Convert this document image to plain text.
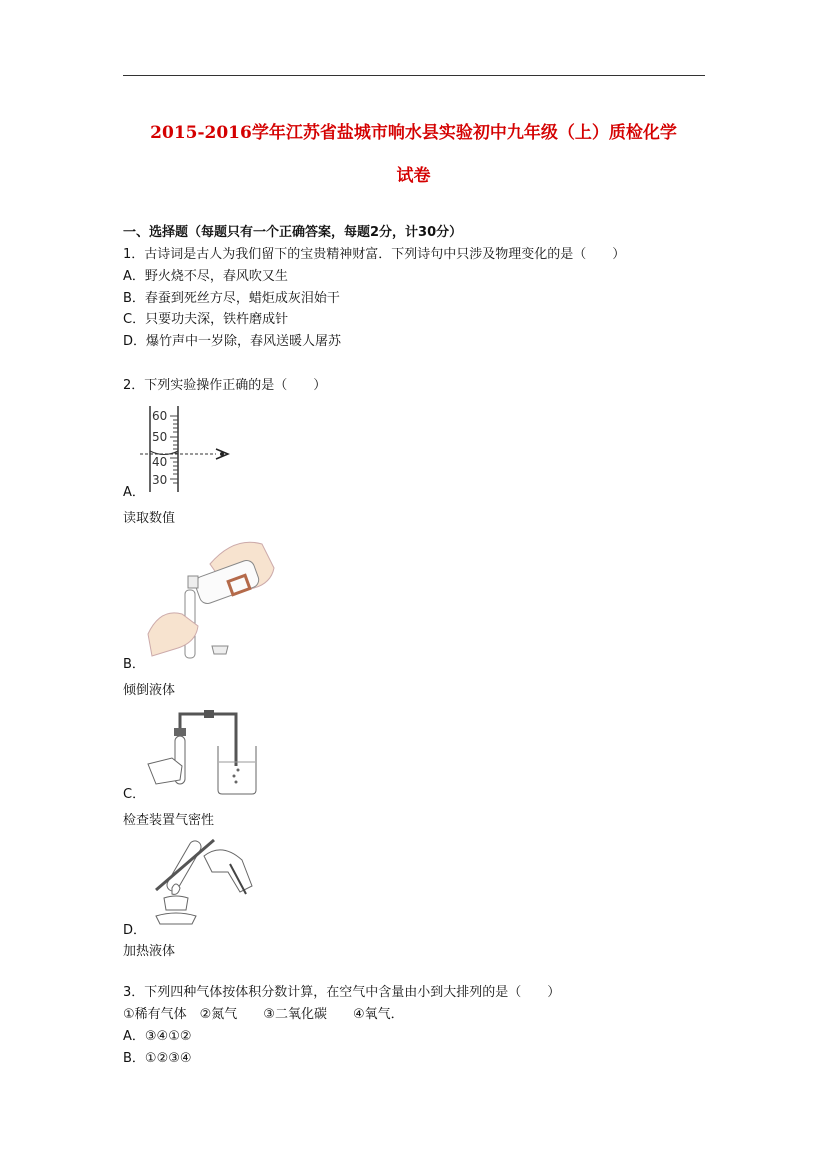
2015-2016学年江苏省盐城市响水县实验初中九年级（上）质检化学
试卷
一、选择题（每题只有一个正确答案，每题2分，计30分）
1．古诗词是古人为我们留下的宝贵精神财富．下列诗句中只涉及物理变化的是（　　）
A．野火烧不尽，春风吹又生
B．春蚕到死丝方尽，蜡炬成灰泪始干
C．只要功夫深，铁杵磨成针
D．爆竹声中一岁除，春风送暖人屠苏
2．下列实验操作正确的是（　　）
60
50
40
30
A．
读取数值
B．
倾倒液体
C．
检查装置气密性
D．
加热液体
3．下列四种气体按体积分数计算，在空气中含量由小到大排列的是（　　）
①稀有气体　②氮气　　③二氧化碳　　④氧气．
A．③④①②
B．①②③④
